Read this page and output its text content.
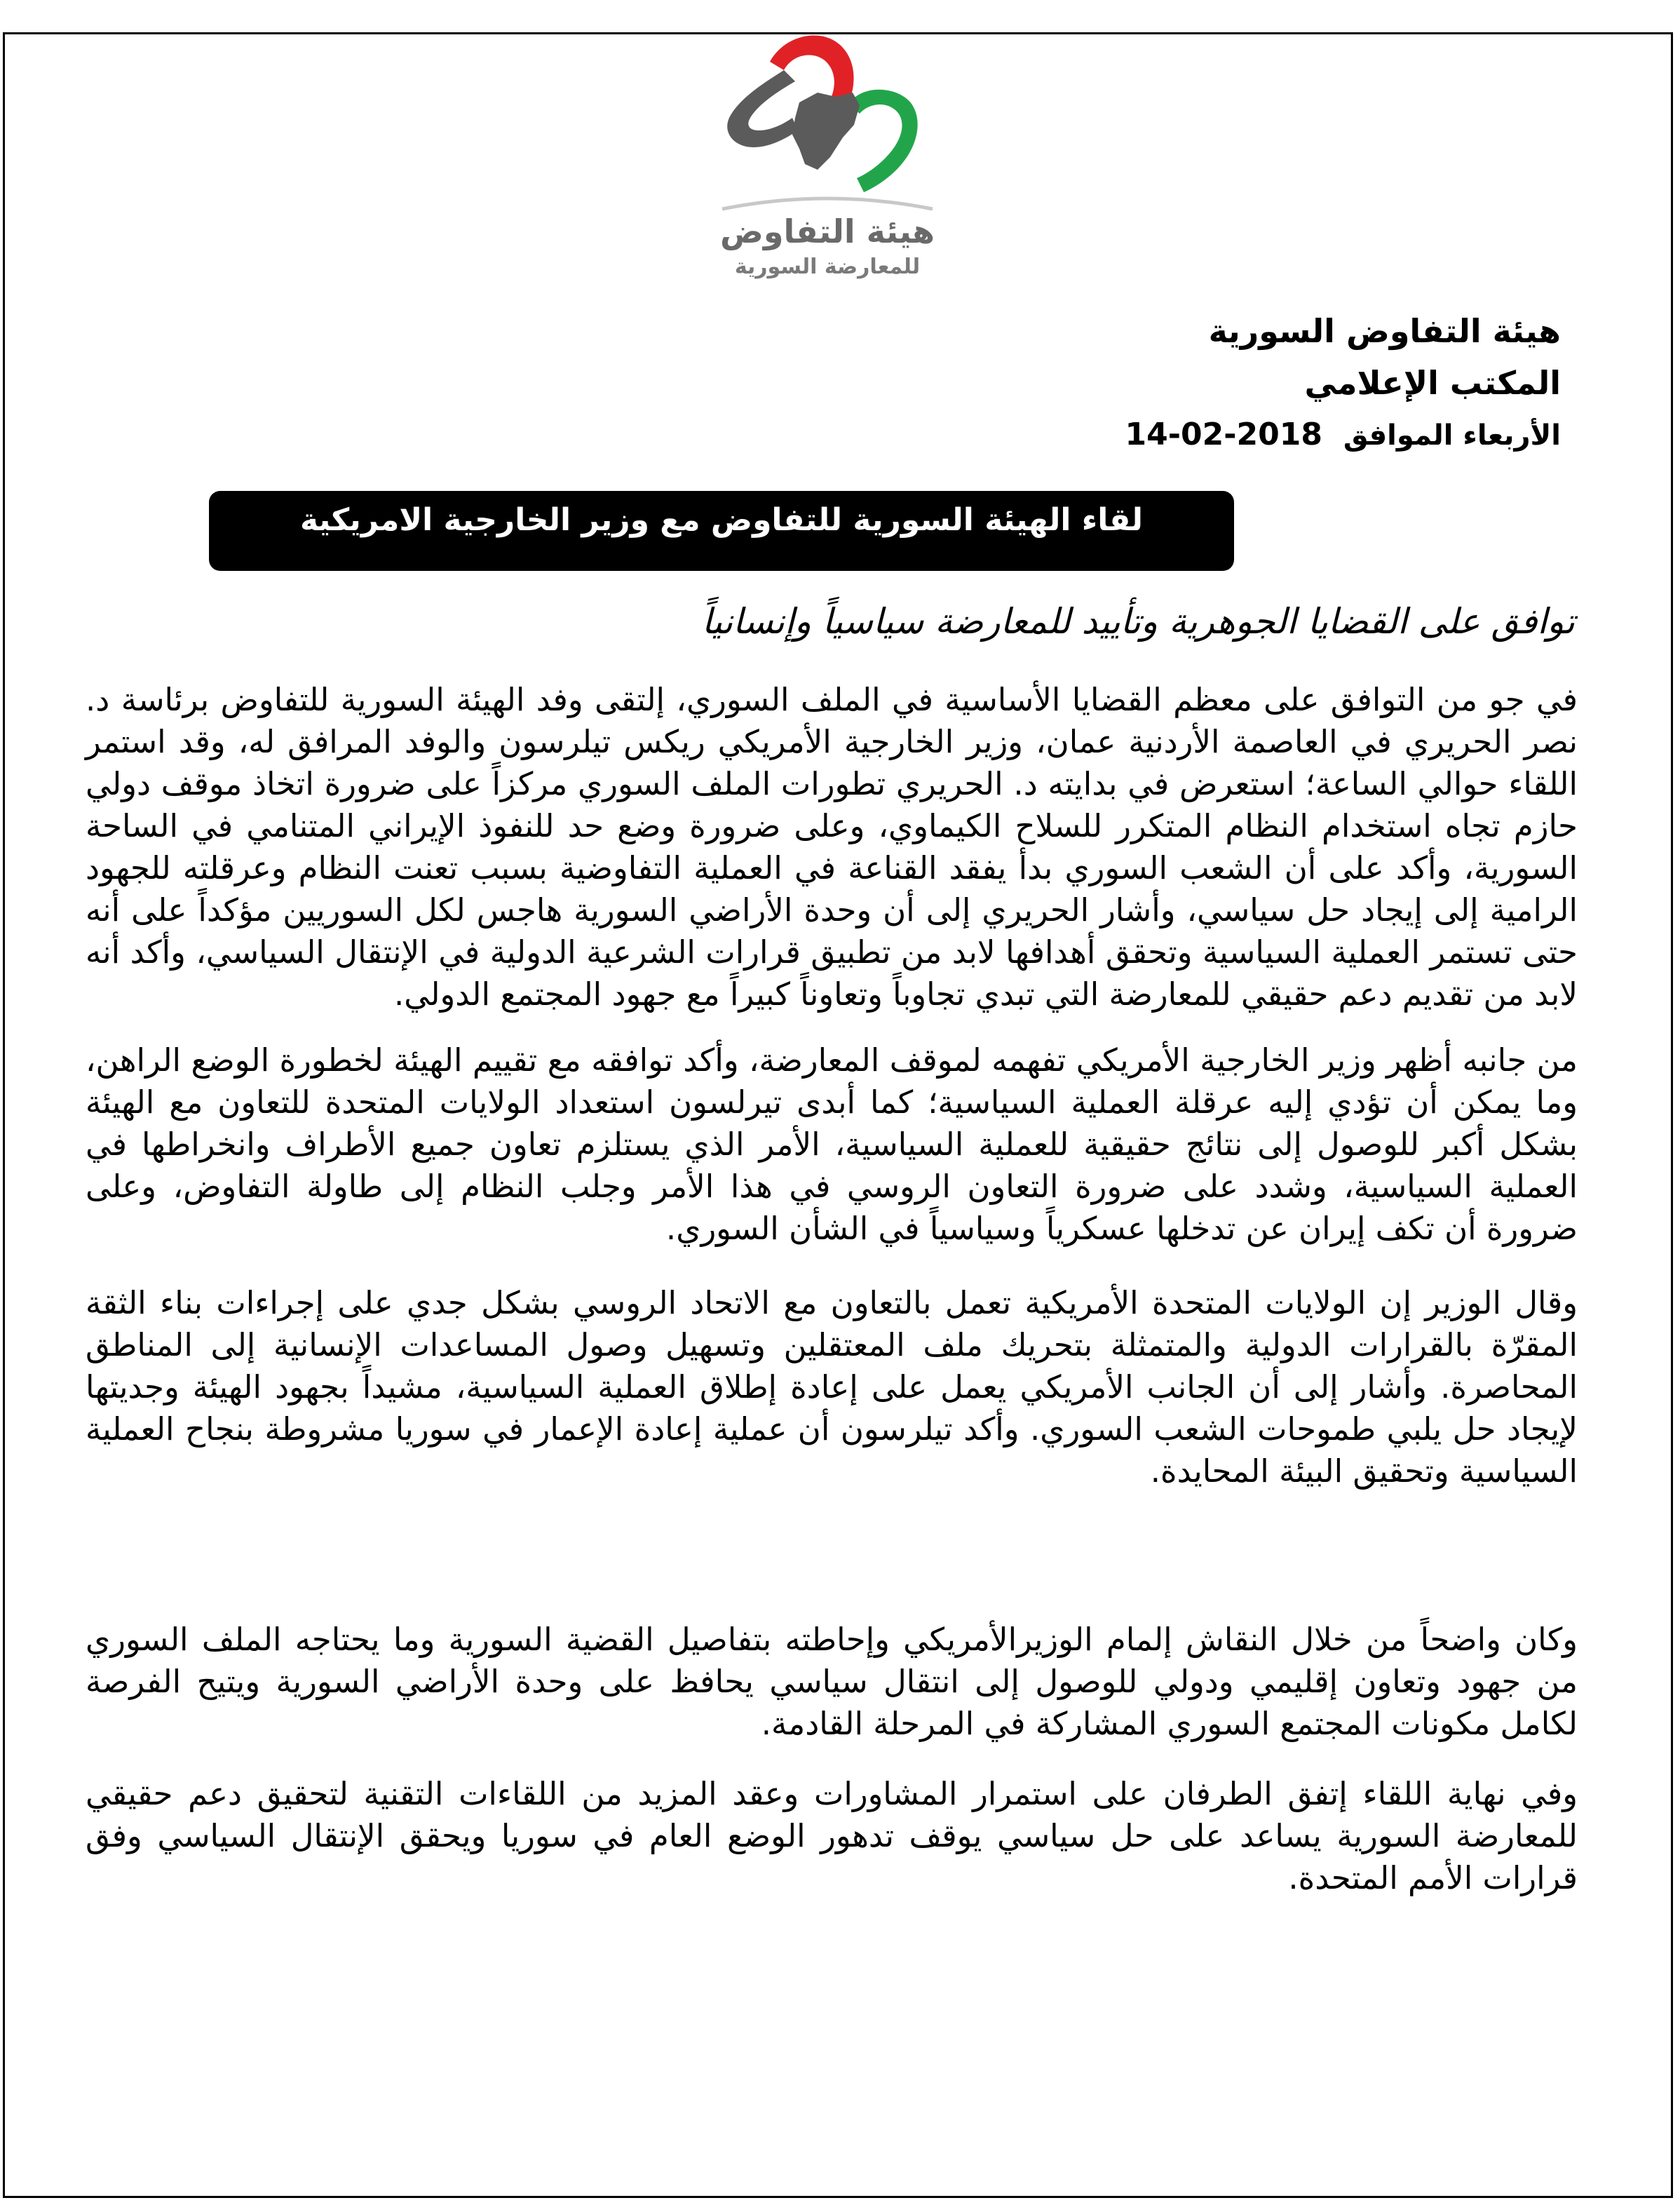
هيئة التفاوض
للمعارضة السورية
هيئة التفاوض السورية
المكتب الإعلامي
الأربعاء الموافق 2018-02-14
لقاء الهيئة السورية للتفاوض مع وزير الخارجية الامريكية
توافق على القضايا الجوهرية وتأييد للمعارضة سياسياً وإنسانياً

في جو من التوافق على معظم القضايا الأساسية في الملف السوري، إلتقى وفد الهيئة السورية للتفاوض برئاسة د. نصر الحريري في العاصمة الأردنية عمان، وزير الخارجية الأمريكي ريكس تيلرسون والوفد المرافق له، وقد استمر اللقاء حوالي الساعة؛ استعرض في بدايته د. الحريري تطورات الملف السوري مركزاً على ضرورة اتخاذ موقف دولي حازم تجاه استخدام النظام المتكرر للسلاح الكيماوي، وعلى ضرورة وضع حد للنفوذ الإيراني المتنامي في الساحة السورية، وأكد على أن الشعب السوري بدأ يفقد القناعة في العملية التفاوضية بسبب تعنت النظام وعرقلته للجهود الرامية إلى إيجاد حل سياسي، وأشار الحريري إلى أن وحدة الأراضي السورية هاجس لكل السوريين مؤكداً على أنه حتى تستمر العملية السياسية وتحقق أهدافها لابد من تطبيق قرارات الشرعية الدولية في الإنتقال السياسي، وأكد أنه لابد من تقديم دعم حقيقي للمعارضة التي تبدي تجاوباً وتعاوناً كبيراً مع جهود المجتمع الدولي.

من جانبه أظهر وزير الخارجية الأمريكي تفهمه لموقف المعارضة، وأكد توافقه مع تقييم الهيئة لخطورة الوضع الراهن، وما يمكن أن تؤدي إليه عرقلة العملية السياسية؛ كما أبدى تيرلسون استعداد الولايات المتحدة للتعاون مع الهيئة بشكل أكبر للوصول إلى نتائج حقيقية للعملية السياسية، الأمر الذي يستلزم تعاون جميع الأطراف وانخراطها في العملية السياسية، وشدد على ضرورة التعاون الروسي في هذا الأمر وجلب النظام إلى طاولة التفاوض، وعلى ضرورة أن تكف إيران عن تدخلها عسكرياً وسياسياً في الشأن السوري.

وقال الوزير إن الولايات المتحدة الأمريكية تعمل بالتعاون مع الاتحاد الروسي بشكل جدي على إجراءات بناء الثقة المقرّة بالقرارات الدولية والمتمثلة بتحريك ملف المعتقلين وتسهيل وصول المساعدات الإنسانية إلى المناطق المحاصرة. وأشار إلى أن الجانب الأمريكي يعمل على إعادة إطلاق العملية السياسية، مشيداً بجهود الهيئة وجديتها لإيجاد حل يلبي طموحات الشعب السوري. وأكد تيلرسون أن عملية إعادة الإعمار في سوريا مشروطة بنجاح العملية السياسية وتحقيق البيئة المحايدة.

وكان واضحاً من خلال النقاش إلمام الوزيرالأمريكي وإحاطته بتفاصيل القضية السورية وما يحتاجه الملف السوري من جهود وتعاون إقليمي ودولي للوصول إلى انتقال سياسي يحافظ على وحدة الأراضي السورية ويتيح الفرصة لكامل مكونات المجتمع السوري المشاركة في المرحلة القادمة.

وفي نهاية اللقاء إتفق الطرفان على استمرار المشاورات وعقد المزيد من اللقاءات التقنية لتحقيق دعم حقيقي للمعارضة السورية يساعد على حل سياسي يوقف تدهور الوضع العام في سوريا ويحقق الإنتقال السياسي وفق قرارات الأمم المتحدة.
